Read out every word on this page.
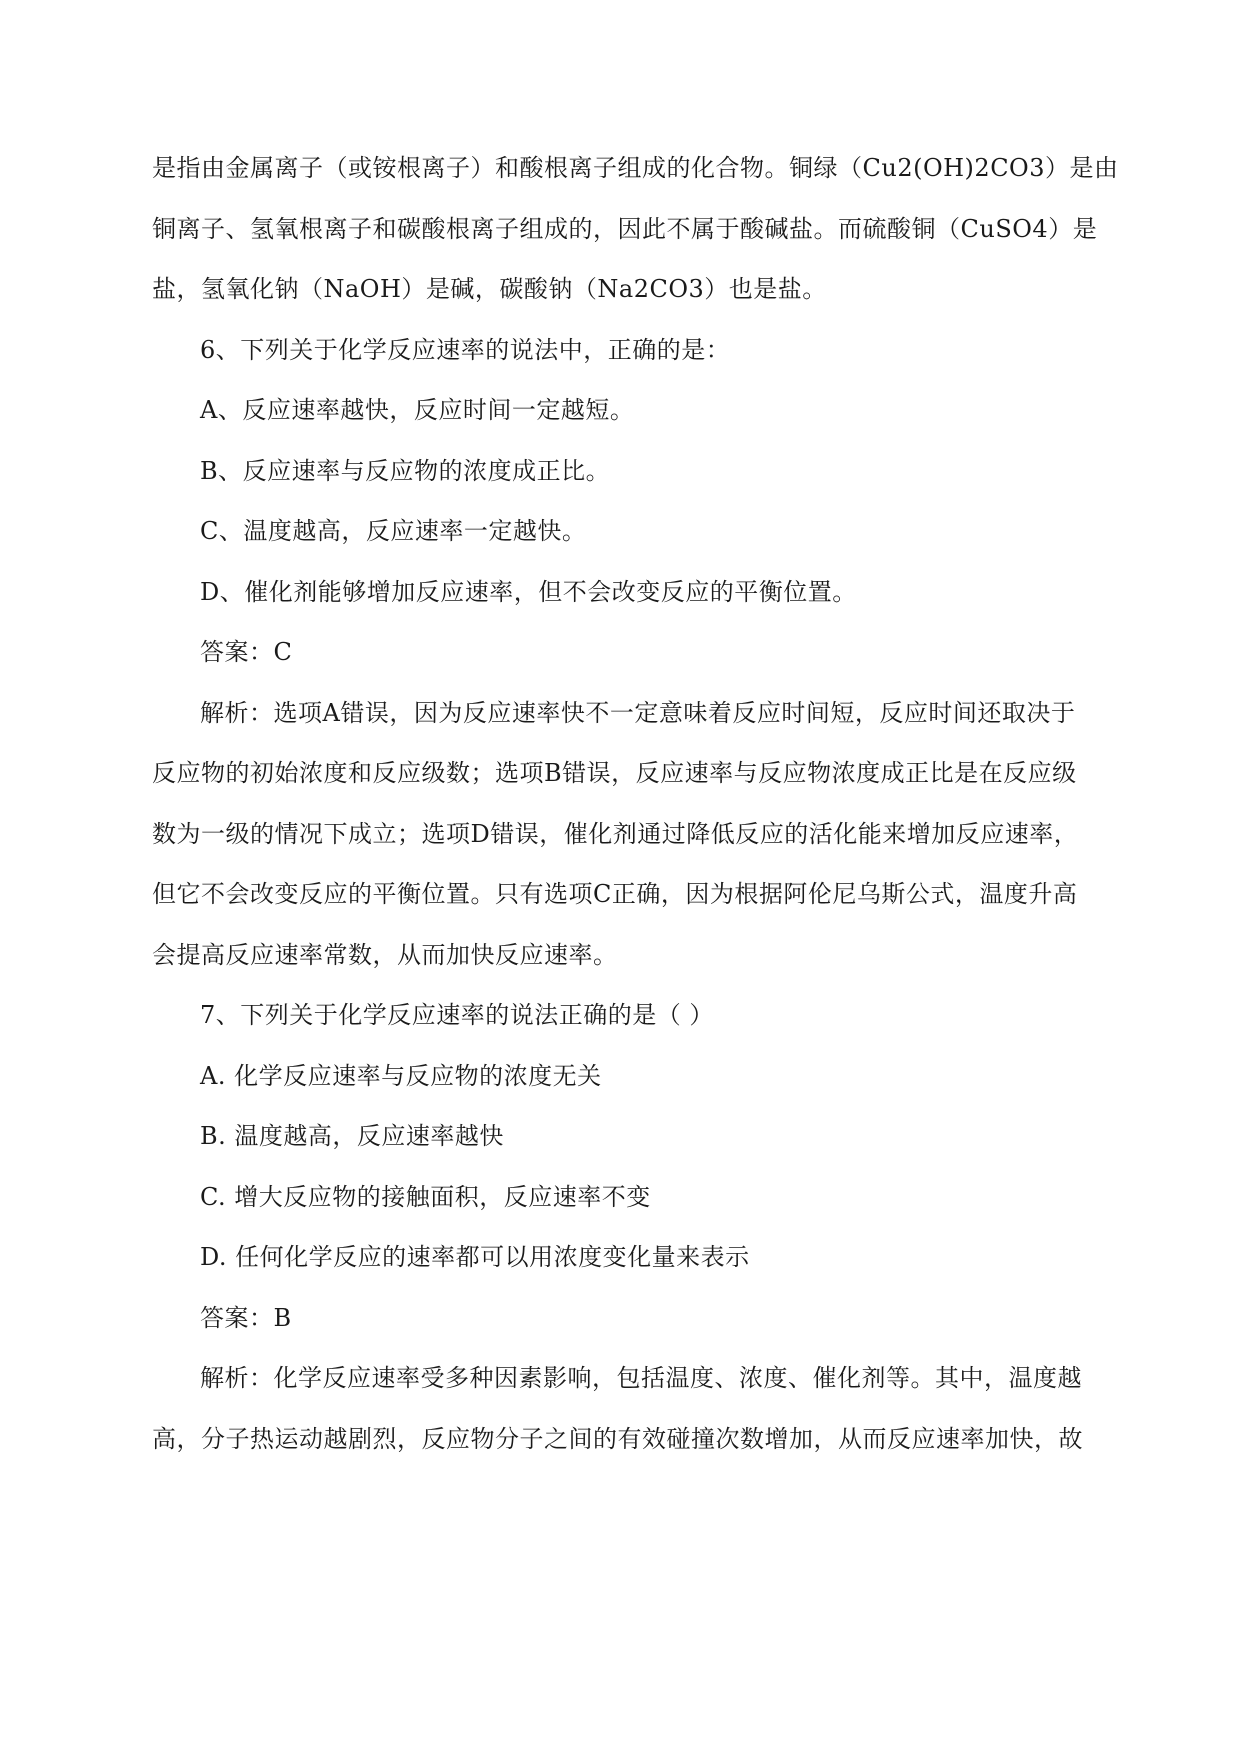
是指由金属离子（或铵根离子）和酸根离子组成的化合物。铜绿（Cu2(OH)2CO3）是由
铜离子、氢氧根离子和碳酸根离子组成的，因此不属于酸碱盐。而硫酸铜（CuSO4）是
盐，氢氧化钠（NaOH）是碱，碳酸钠（Na2CO3）也是盐。
6、下列关于化学反应速率的说法中，正确的是：
A、反应速率越快，反应时间一定越短。
B、反应速率与反应物的浓度成正比。
C、温度越高，反应速率一定越快。
D、催化剂能够增加反应速率，但不会改变反应的平衡位置。
答案：C
解析：选项A错误，因为反应速率快不一定意味着反应时间短，反应时间还取决于
反应物的初始浓度和反应级数；选项B错误，反应速率与反应物浓度成正比是在反应级
数为一级的情况下成立；选项D错误，催化剂通过降低反应的活化能来增加反应速率，
但它不会改变反应的平衡位置。只有选项C正确，因为根据阿伦尼乌斯公式，温度升高
会提高反应速率常数，从而加快反应速率。
7、下列关于化学反应速率的说法正确的是（ ）
A. 化学反应速率与反应物的浓度无关
B. 温度越高，反应速率越快
C. 增大反应物的接触面积，反应速率不变
D. 任何化学反应的速率都可以用浓度变化量来表示
答案：B
解析：化学反应速率受多种因素影响，包括温度、浓度、催化剂等。其中，温度越
高，分子热运动越剧烈，反应物分子之间的有效碰撞次数增加，从而反应速率加快，故
